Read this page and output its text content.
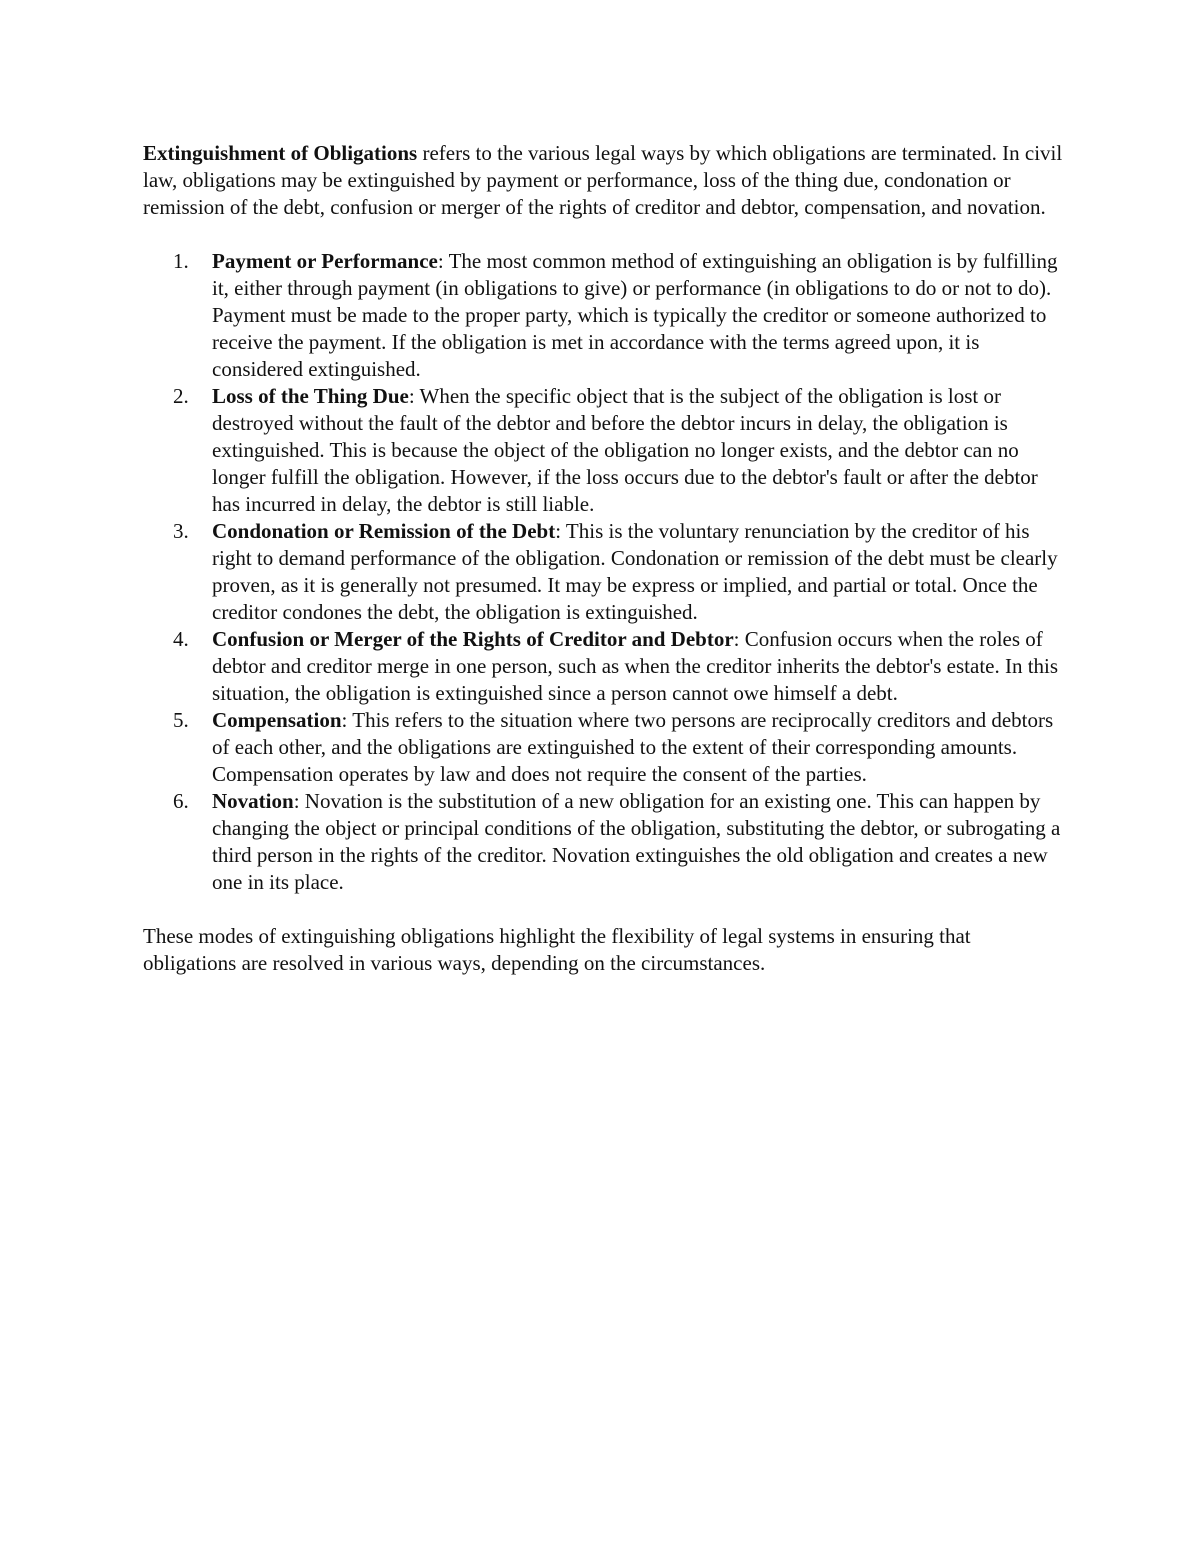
Extinguishment of Obligations refers to the various legal ways by which obligations are terminated. In civil law, obligations may be extinguished by payment or performance, loss of the thing due, condonation or remission of the debt, confusion or merger of the rights of creditor and debtor, compensation, and novation.

1.	Payment or Performance: The most common method of extinguishing an obligation is by fulfilling it, either through payment (in obligations to give) or performance (in obligations to do or not to do). Payment must be made to the proper party, which is typically the creditor or someone authorized to receive the payment. If the obligation is met in accordance with the terms agreed upon, it is considered extinguished.
2.	Loss of the Thing Due: When the specific object that is the subject of the obligation is lost or destroyed without the fault of the debtor and before the debtor incurs in delay, the obligation is extinguished. This is because the object of the obligation no longer exists, and the debtor can no longer fulfill the obligation. However, if the loss occurs due to the debtor's fault or after the debtor has incurred in delay, the debtor is still liable.
3.	Condonation or Remission of the Debt: This is the voluntary renunciation by the creditor of his right to demand performance of the obligation. Condonation or remission of the debt must be clearly proven, as it is generally not presumed. It may be express or implied, and partial or total. Once the creditor condones the debt, the obligation is extinguished.
4.	Confusion or Merger of the Rights of Creditor and Debtor: Confusion occurs when the roles of debtor and creditor merge in one person, such as when the creditor inherits the debtor's estate. In this situation, the obligation is extinguished since a person cannot owe himself a debt.
5.	Compensation: This refers to the situation where two persons are reciprocally creditors and debtors of each other, and the obligations are extinguished to the extent of their corresponding amounts. Compensation operates by law and does not require the consent of the parties.
6.	Novation: Novation is the substitution of a new obligation for an existing one. This can happen by changing the object or principal conditions of the obligation, substituting the debtor, or subrogating a third person in the rights of the creditor. Novation extinguishes the old obligation and creates a new one in its place.

These modes of extinguishing obligations highlight the flexibility of legal systems in ensuring that obligations are resolved in various ways, depending on the circumstances.
